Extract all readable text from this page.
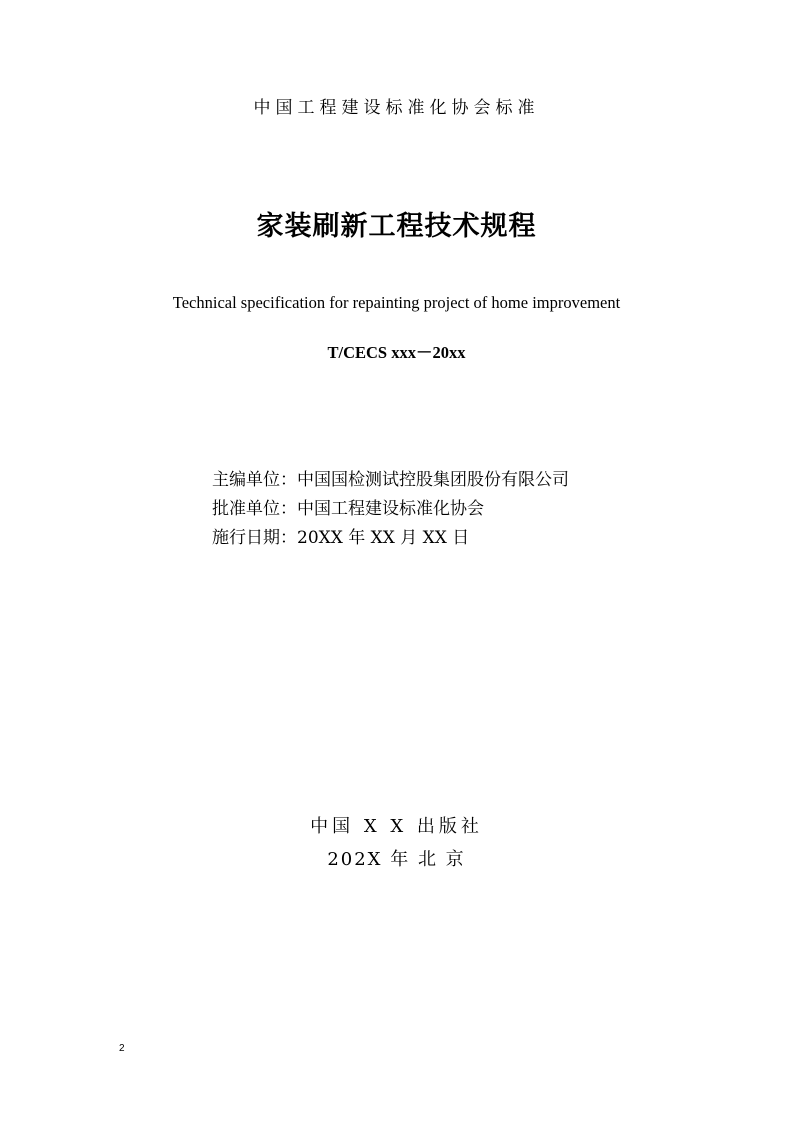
中国工程建设标准化协会标准
家装刷新工程技术规程
Technical specification for repainting project of home improvement
T/CECS xxx－20xx
主编单位：中国国检测试控股集团股份有限公司
批准单位：中国工程建设标准化协会
施行日期：20XX 年 XX 月 XX 日
中国 X X 出版社
202X 年 北 京
2
